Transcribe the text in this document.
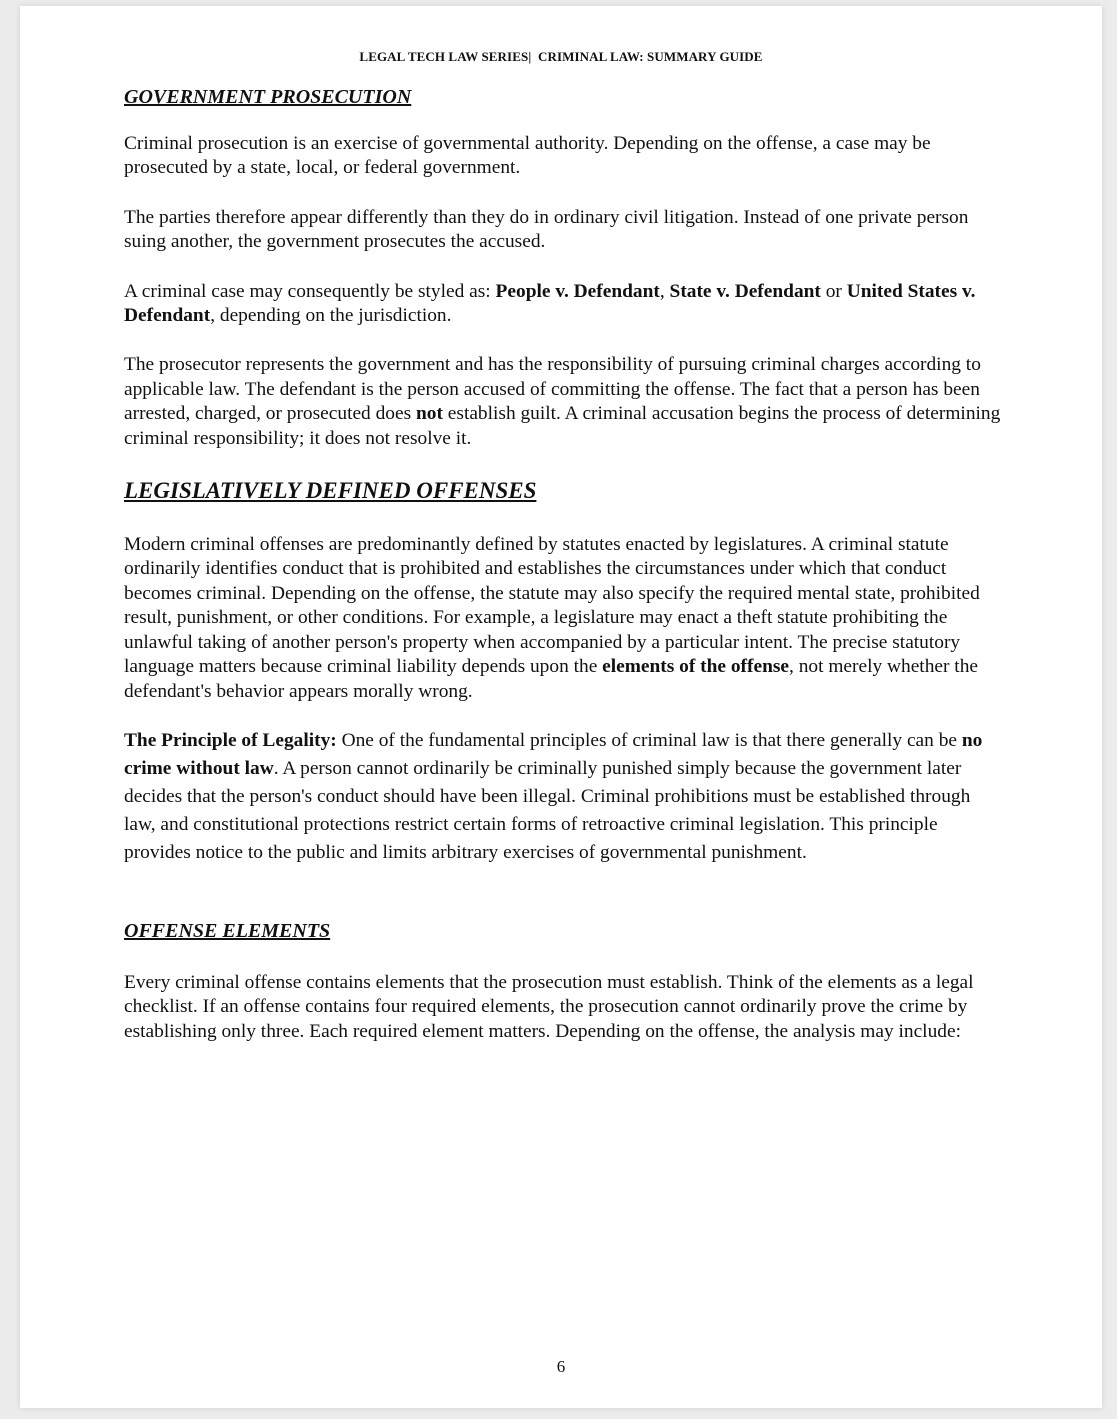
LEGAL TECH LAW SERIES| CRIMINAL LAW: SUMMARY GUIDE
GOVERNMENT PROSECUTION

Criminal prosecution is an exercise of governmental authority. Depending on the offense, a case may be prosecuted by a state, local, or federal government.

The parties therefore appear differently than they do in ordinary civil litigation. Instead of one private person suing another, the government prosecutes the accused.

A criminal case may consequently be styled as: People v. Defendant, State v. Defendant or United States v. Defendant, depending on the jurisdiction.

The prosecutor represents the government and has the responsibility of pursuing criminal charges according to applicable law. The defendant is the person accused of committing the offense. The fact that a person has been arrested, charged, or prosecuted does not establish guilt. A criminal accusation begins the process of determining criminal responsibility; it does not resolve it.

LEGISLATIVELY DEFINED OFFENSES

Modern criminal offenses are predominantly defined by statutes enacted by legislatures. A criminal statute ordinarily identifies conduct that is prohibited and establishes the circumstances under which that conduct becomes criminal. Depending on the offense, the statute may also specify the required mental state, prohibited result, punishment, or other conditions. For example, a legislature may enact a theft statute prohibiting the unlawful taking of another person's property when accompanied by a particular intent. The precise statutory language matters because criminal liability depends upon the elements of the offense, not merely whether the defendant's behavior appears morally wrong.

The Principle of Legality: One of the fundamental principles of criminal law is that there generally can be no crime without law. A person cannot ordinarily be criminally punished simply because the government later decides that the person's conduct should have been illegal. Criminal prohibitions must be established through law, and constitutional protections restrict certain forms of retroactive criminal legislation. This principle provides notice to the public and limits arbitrary exercises of governmental punishment.

OFFENSE ELEMENTS

Every criminal offense contains elements that the prosecution must establish. Think of the elements as a legal checklist. If an offense contains four required elements, the prosecution cannot ordinarily prove the crime by establishing only three. Each required element matters. Depending on the offense, the analysis may include:

6
